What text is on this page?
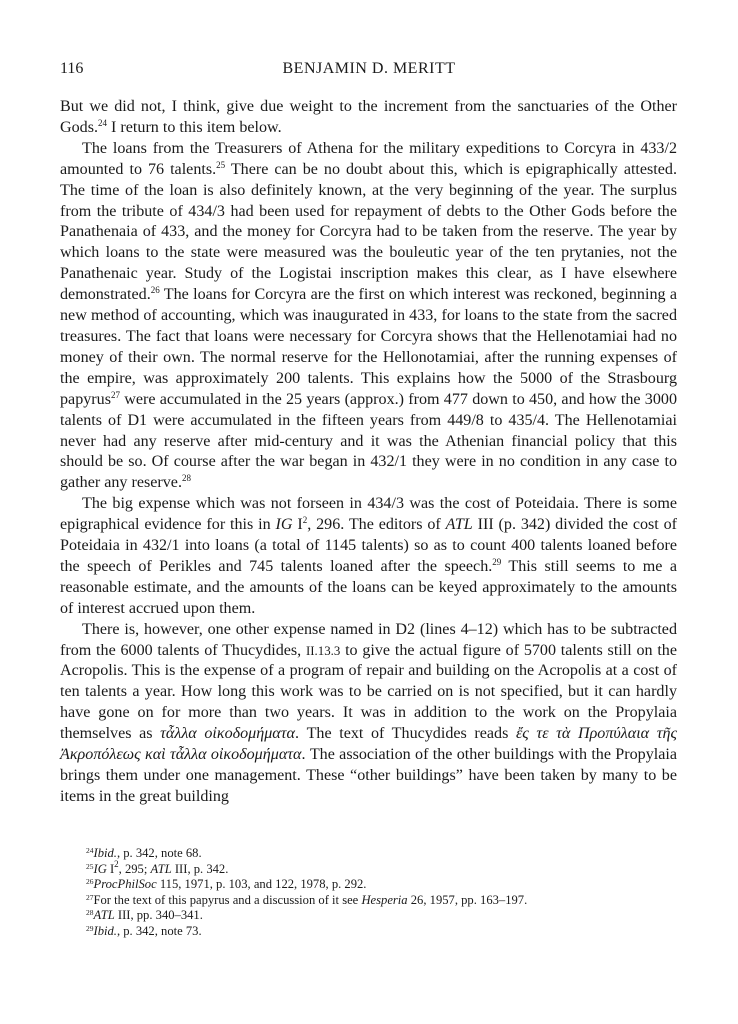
116	BENJAMIN D. MERITT

But we did not, I think, give due weight to the increment from the sanctuaries of the Other Gods.$^{24}$ I return to this item below.

The loans from the Treasurers of Athena for the military expeditions to Corcyra in 433/2 amounted to 76 talents.$^{25}$ There can be no doubt about this, which is epigraphically attested. The time of the loan is also definitely known, at the very beginning of the year. The surplus from the tribute of 434/3 had been used for repayment of debts to the Other Gods before the Panathenaia of 433, and the money for Corcyra had to be taken from the reserve. The year by which loans to the state were measured was the bouleutic year of the ten prytanies, not the Panathenaic year. Study of the Logistai inscription makes this clear, as I have elsewhere demonstrated.$^{26}$ The loans for Corcyra are the first on which interest was reckoned, beginning a new method of accounting, which was inaugurated in 433, for loans to the state from the sacred treasures. The fact that loans were necessary for Corcyra shows that the Hellenotamiai had no money of their own. The normal reserve for the Hellonotamiai, after the running expenses of the empire, was approximately 200 talents. This explains how the 5000 of the Strasbourg papyrus$^{27}$ were accumulated in the 25 years (approx.) from 477 down to 450, and how the 3000 talents of D1 were accumulated in the fifteen years from 449/8 to 435/4. The Hellenotamiai never had any reserve after mid-century and it was the Athenian financial policy that this should be so. Of course after the war began in 432/1 they were in no condition in any case to gather any reserve.$^{28}$

The big expense which was not forseen in 434/3 was the cost of Poteidaia. There is some epigraphical evidence for this in IG $I^2$, 296. The editors of ATL III (p. 342) divided the cost of Poteidaia in 432/1 into loans (a total of 1145 talents) so as to count 400 talents loaned before the speech of Perikles and 745 talents loaned after the speech.$^{29}$ This still seems to me a reasonable estimate, and the amounts of the loans can be keyed approximately to the amounts of interest accrued upon them.

There is, however, one other expense named in D2 (lines 4–12) which has to be subtracted from the 6000 talents of Thucydides, II.13.3 to give the actual figure of 5700 talents still on the Acropolis. This is the expense of a program of repair and building on the Acropolis at a cost of ten talents a year. How long this work was to be carried on is not specified, but it can hardly have gone on for more than two years. It was in addition to the work on the Propylaia themselves as τἆλλα οἰκοδομήματα. The text of Thucydides reads ἔς τε τὰ Προπύλαια τῆς Ἀκροπόλεως καὶ τἆλλα οἰκοδομήματα. The association of the other buildings with the Propylaia brings them under one management. These “other buildings” have been taken by many to be items in the great building

$^{24}$Ibid., p. 342, note 68.
$^{25}$IG $I^2$, 295; ATL III, p. 342.
$^{26}$ProcPhilSoc 115, 1971, p. 103, and 122, 1978, p. 292.
$^{27}$For the text of this papyrus and a discussion of it see Hesperia 26, 1957, pp. 163–197.
$^{28}$ATL III, pp. 340–341.
$^{29}$Ibid., p. 342, note 73.
